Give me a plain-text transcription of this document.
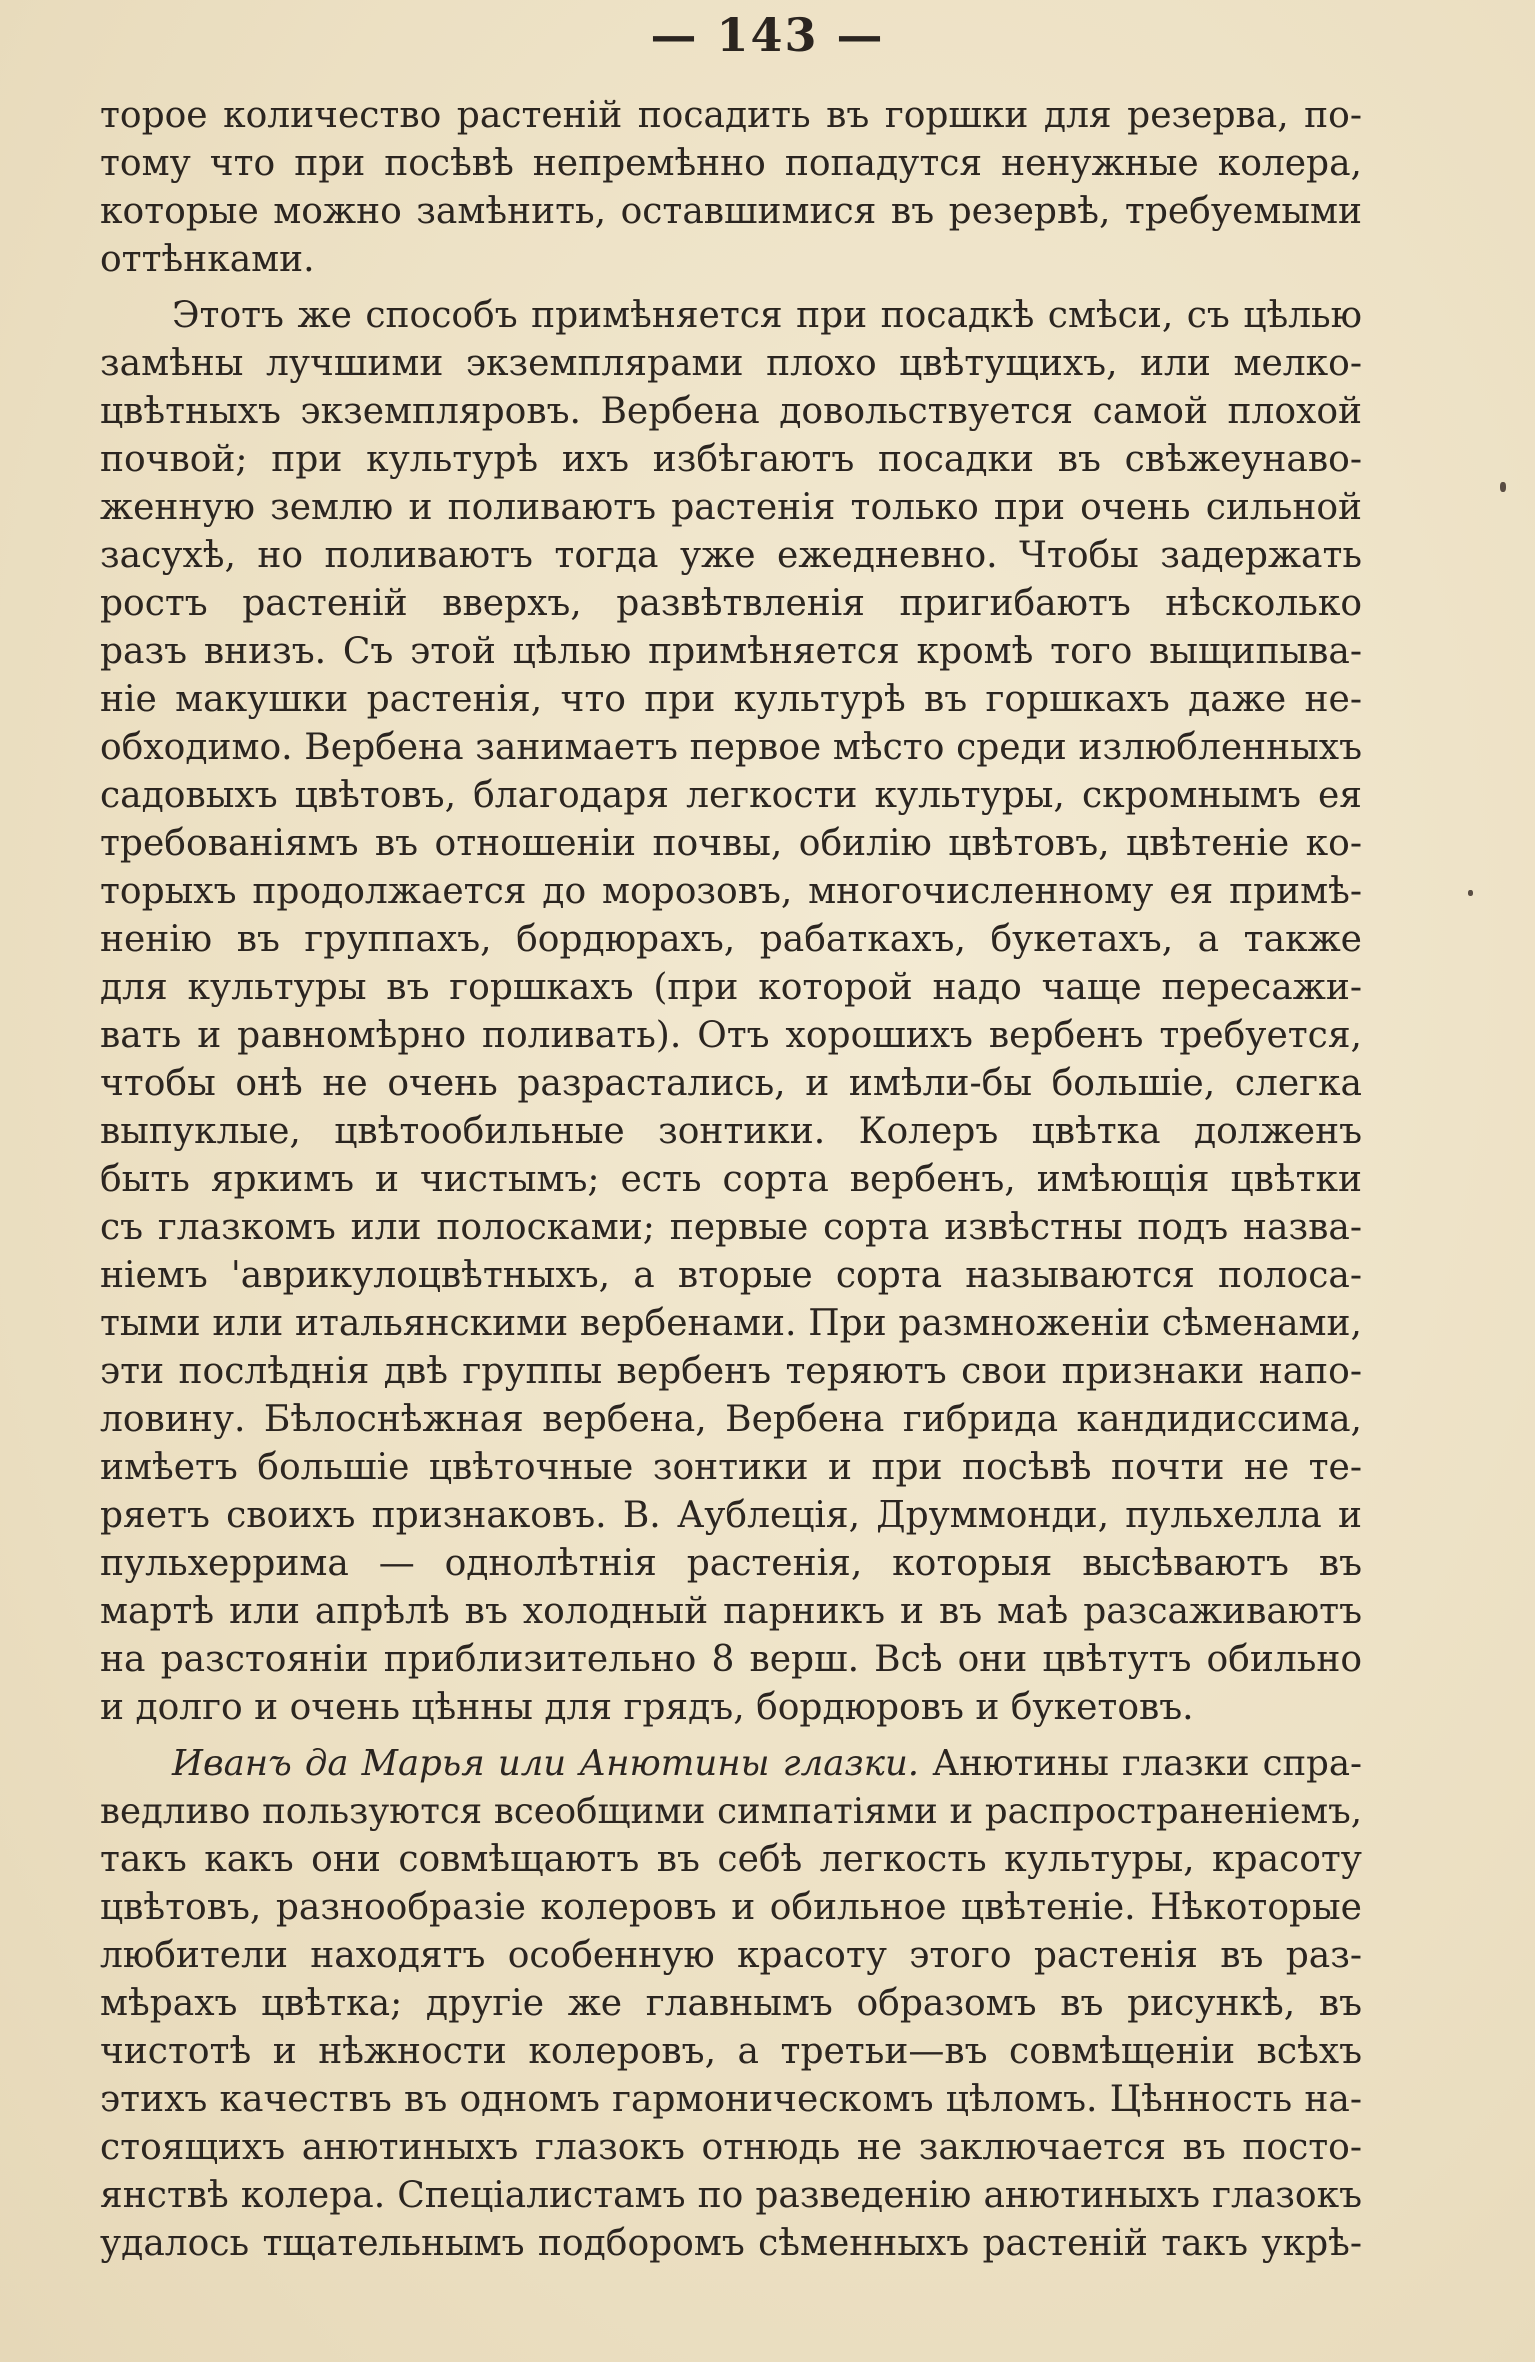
— 143 —
торое количество растеній посадить въ горшки для резерва, по-
тому что при посѣвѣ непремѣнно попадутся ненужные колера,
которые можно замѣнить, оставшимися въ резервѣ, требуемыми
оттѣнками.
Этотъ же способъ примѣняется при посадкѣ смѣси, съ цѣлью
замѣны лучшими экземплярами плохо цвѣтущихъ, или мелко-
цвѣтныхъ экземпляровъ. Вербена довольствуется самой плохой
почвой; при культурѣ ихъ избѣгаютъ посадки въ свѣжеунаво-
женную землю и поливаютъ растенія только при очень сильной
засухѣ, но поливаютъ тогда уже ежедневно. Чтобы задержать
ростъ растеній вверхъ, развѣтвленія пригибаютъ нѣсколько
разъ внизъ. Съ этой цѣлью примѣняется кромѣ того выщипыва-
ніе макушки растенія, что при культурѣ въ горшкахъ даже не-
обходимо. Вербена занимаетъ первое мѣсто среди излюбленныхъ
садовыхъ цвѣтовъ, благодаря легкости культуры, скромнымъ ея
требованіямъ въ отношеніи почвы, обилію цвѣтовъ, цвѣтеніе ко-
торыхъ продолжается до морозовъ, многочисленному ея примѣ-
ненію въ группахъ, бордюрахъ, рабаткахъ, букетахъ, а также
для культуры въ горшкахъ (при которой надо чаще пересажи-
вать и равномѣрно поливать). Отъ хорошихъ вербенъ требуется,
чтобы онѣ не очень разрастались, и имѣли-бы большіе, слегка
выпуклые, цвѣтообильные зонтики. Колеръ цвѣтка долженъ
быть яркимъ и чистымъ; есть сорта вербенъ, имѣющія цвѣтки
съ глазкомъ или полосками; первые сорта извѣстны подъ назва-
ніемъ 'аврикулоцвѣтныхъ, а вторые сорта называются полоса-
тыми или итальянскими вербенами. При размноженіи сѣменами,
эти послѣднія двѣ группы вербенъ теряютъ свои признаки напо-
ловину. Бѣлоснѣжная вербена, Вербена гибрида кандидиссима,
имѣетъ большіе цвѣточные зонтики и при посѣвѣ почти не те-
ряетъ своихъ признаковъ. В. Аублеція, Друммонди, пульхелла и
пульхеррима — однолѣтнія растенія, которыя высѣваютъ въ
мартѣ или апрѣлѣ въ холодный парникъ и въ маѣ разсаживаютъ
на разстояніи приблизительно 8 верш. Всѣ они цвѣтутъ обильно
и долго и очень цѣнны для грядъ, бордюровъ и букетовъ.
Иванъ да Марья или Анютины глазки. Анютины глазки спра-
ведливо пользуются всеобщими симпатіями и распространеніемъ,
такъ какъ они совмѣщаютъ въ себѣ легкость культуры, красоту
цвѣтовъ, разнообразіе колеровъ и обильное цвѣтеніе. Нѣкоторые
любители находятъ особенную красоту этого растенія въ раз-
мѣрахъ цвѣтка; другіе же главнымъ образомъ въ рисункѣ, въ
чистотѣ и нѣжности колеровъ, а третьи—въ совмѣщеніи всѣхъ
этихъ качествъ въ одномъ гармоническомъ цѣломъ. Цѣнность на-
стоящихъ анютиныхъ глазокъ отнюдь не заключается въ посто-
янствѣ колера. Спеціалистамъ по разведенію анютиныхъ глазокъ
удалось тщательнымъ подборомъ сѣменныхъ растеній такъ укрѣ-
